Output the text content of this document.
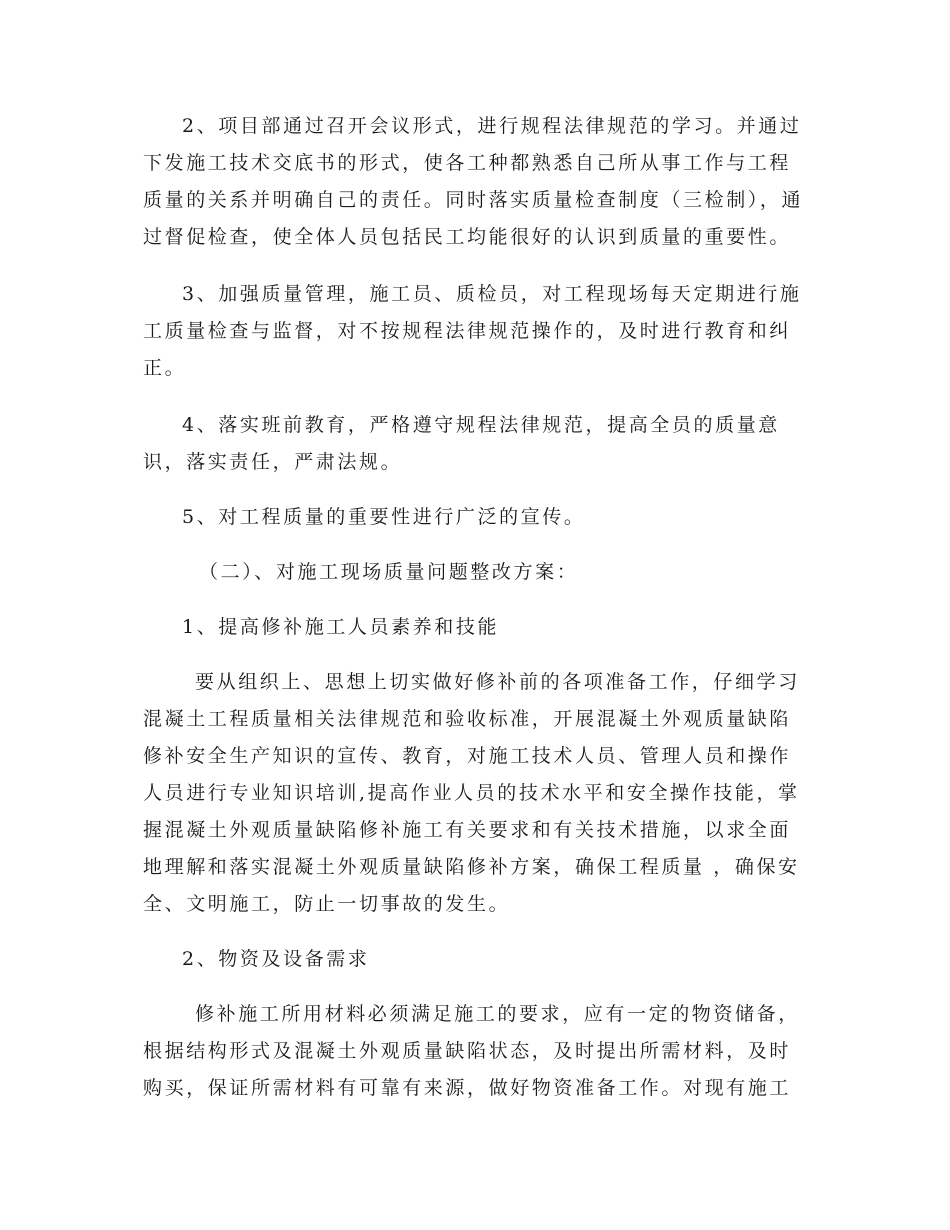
2、项目部通过召开会议形式，进行规程法律规范的学习。并通过下发施工技术交底书的形式，使各工种都熟悉自己所从事工作与工程质量的关系并明确自己的责任。同时落实质量检查制度（三检制），通过督促检查，使全体人员包括民工均能很好的认识到质量的重要性。

3、加强质量管理，施工员、质检员，对工程现场每天定期进行施工质量检查与监督，对不按规程法律规范操作的，及时进行教育和纠正。

4、落实班前教育，严格遵守规程法律规范，提高全员的质量意识，落实责任，严肃法规。

5、对工程质量的重要性进行广泛的宣传。

（二）、对施工现场质量问题整改方案：

1、提高修补施工人员素养和技能

要从组织上、思想上切实做好修补前的各项准备工作，仔细学习混凝土工程质量相关法律规范和验收标准，开展混凝土外观质量缺陷修补安全生产知识的宣传、教育，对施工技术人员、管理人员和操作人员进行专业知识培训,提高作业人员的技术水平和安全操作技能，掌握混凝土外观质量缺陷修补施工有关要求和有关技术措施，以求全面地理解和落实混凝土外观质量缺陷修补方案，确保工程质量 ，确保安全、文明施工，防止一切事故的发生。

2、物资及设备需求

修补施工所用材料必须满足施工的要求，应有一定的物资储备，根据结构形式及混凝土外观质量缺陷状态，及时提出所需材料，及时购买，保证所需材料有可靠有来源，做好物资准备工作。对现有施工
